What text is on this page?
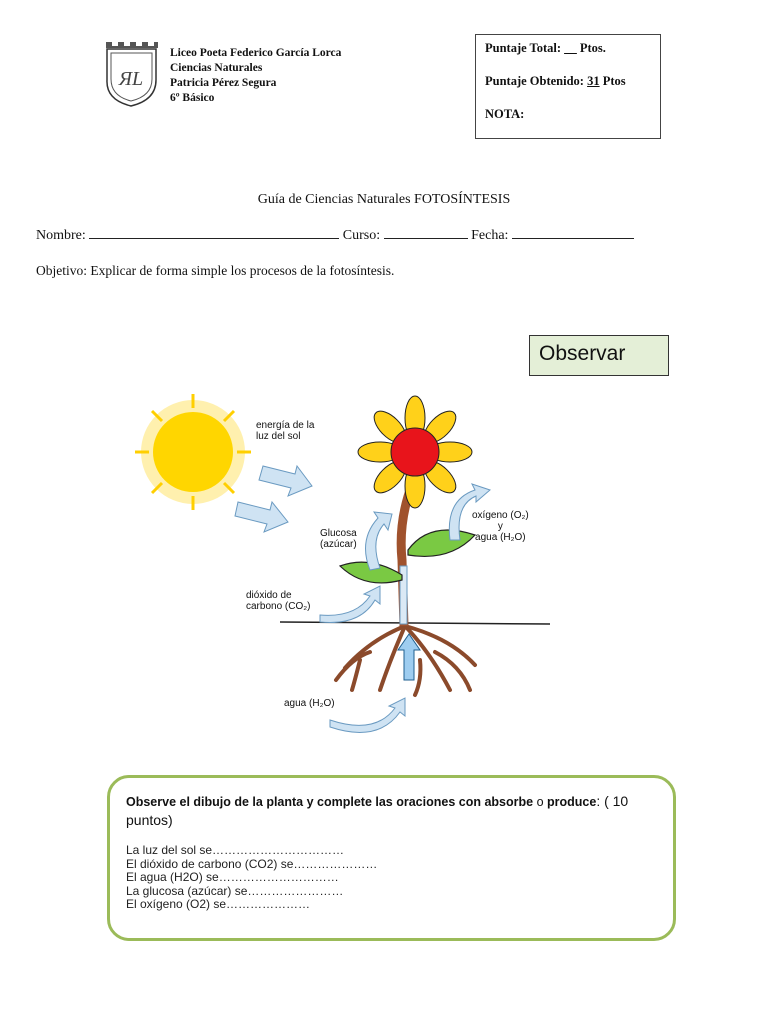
ЯL
Liceo Poeta Federico García Lorca
Ciencias Naturales
Patricia Pérez Segura
6º Básico
Puntaje Total: __ Ptos.
Puntaje Obtenido: 31 Ptos
NOTA:
Guía de Ciencias Naturales FOTOSÍNTESIS
Nombre:	Curso:	Fecha:
Objetivo: Explicar de forma simple los procesos de la fotosíntesis.
Observar
energía de la
luz del sol
Glucosa
(azúcar)
oxígeno (O₂)
y
agua (H₂O)
dióxido de
carbono (CO₂)
agua (H₂O)
Observe el dibujo de la planta y complete las oraciones con absorbe o produce: ( 10 puntos)
La luz del sol se……………………………
El dióxido de carbono (CO2) se…………………
El agua (H2O) se…………………………
La glucosa (azúcar) se……………………
El oxígeno (O2) se…………………
